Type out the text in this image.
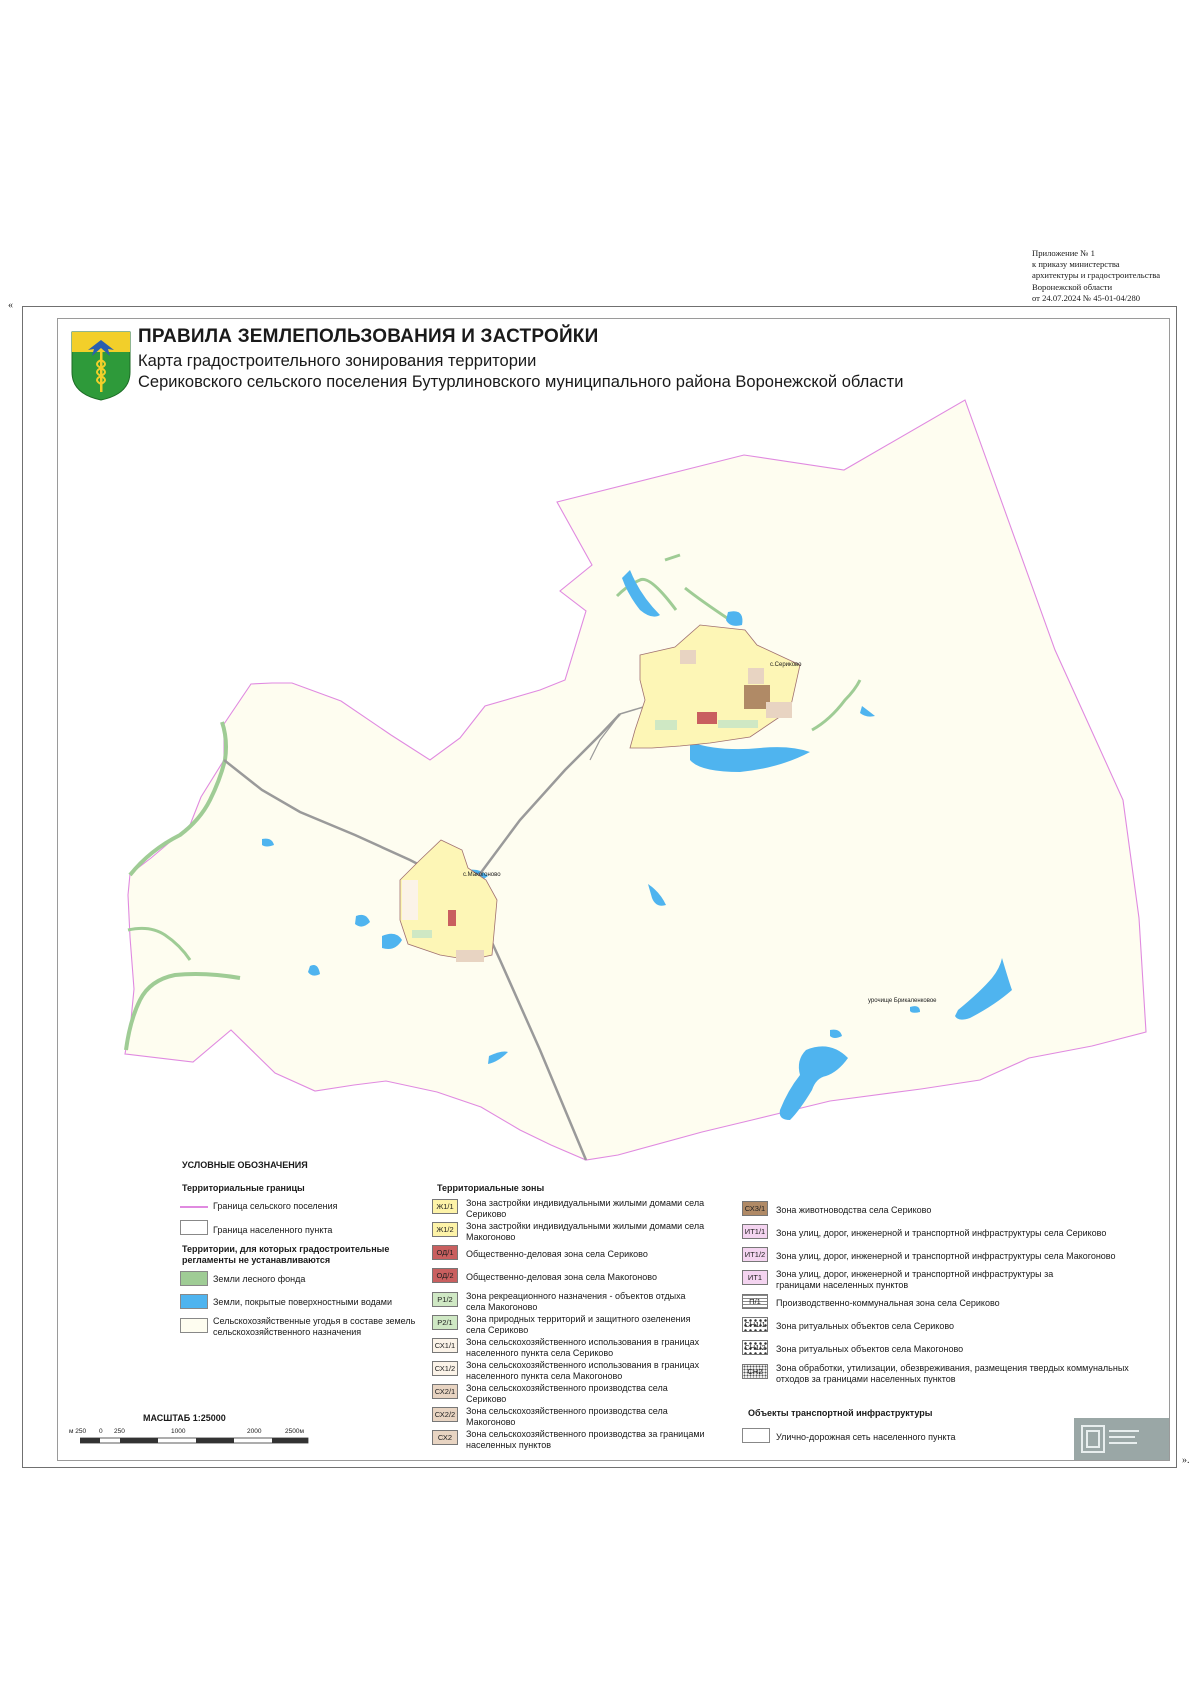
Приложение № 1
к приказу министерства
архитектуры и градостроительства
Воронежской области
от 24.07.2024 № 45-01-04/280
«
».
ПРАВИЛА ЗЕМЛЕПОЛЬЗОВАНИЯ И ЗАСТРОЙКИ
Карта градостроительного зонирования территории
Сериковского сельского поселения Бутурлиновского муниципального района Воронежской области
с.Сериково
с.Макогоново
урочище Брикаленковое
УСЛОВНЫЕ ОБОЗНАЧЕНИЯ
Территориальные границы
Граница сельского поселения
Граница населенного пункта
Территории, для которых градостроительные регламенты не устанавливаются
Земли лесного фонда
Земли, покрытые поверхностными водами
Сельскохозяйственные угодья в составе земель сельскохозяйственного назначения
Территориальные зоны
Ж1/1	Зона застройки индивидуальными жилыми домами села Сериково
Ж1/2	Зона застройки индивидуальными жилыми домами села Макогоново
ОД/1	Общественно-деловая зона села Сериково
ОД/2	Общественно-деловая зона села Макогоново
Р1/2	Зона рекреационного назначения - объектов отдыха села Макогоново
Р2/1	Зона природных территорий и защитного озеленения села Сериково
СХ1/1	Зона сельскохозяйственного использования в границах населенного пункта села Сериково
СХ1/2	Зона сельскохозяйственного использования в границах населенного пункта села Макогоново
СХ2/1	Зона сельскохозяйственного производства села Сериково
СХ2/2	Зона сельскохозяйственного производства села Макогоново
СХ2	Зона сельскохозяйственного производства за границами населенных пунктов
СХ3/1	Зона животноводства села Сериково
ИТ1/1	Зона улиц, дорог, инженерной и транспортной инфраструктуры села Сериково
ИТ1/2	Зона улиц, дорог, инженерной и транспортной инфраструктуры села Макогоново
ИТ1	Зона улиц, дорог, инженерной и транспортной инфраструктуры за границами населенных пунктов
П/1	Производственно-коммунальная зона села Сериково
СН1/1 Зона ритуальных объектов села Сериково
СН1/2 Зона ритуальных объектов села Макогоново
СН2	Зона обработки, утилизации, обезвреживания, размещения твердых коммунальных отходов за границами населенных пунктов
Объекты транспортной инфраструктуры
Улично-дорожная сеть населенного пункта
МАСШТАБ 1:25000
м 250 0 250	1000	2000	2500м
